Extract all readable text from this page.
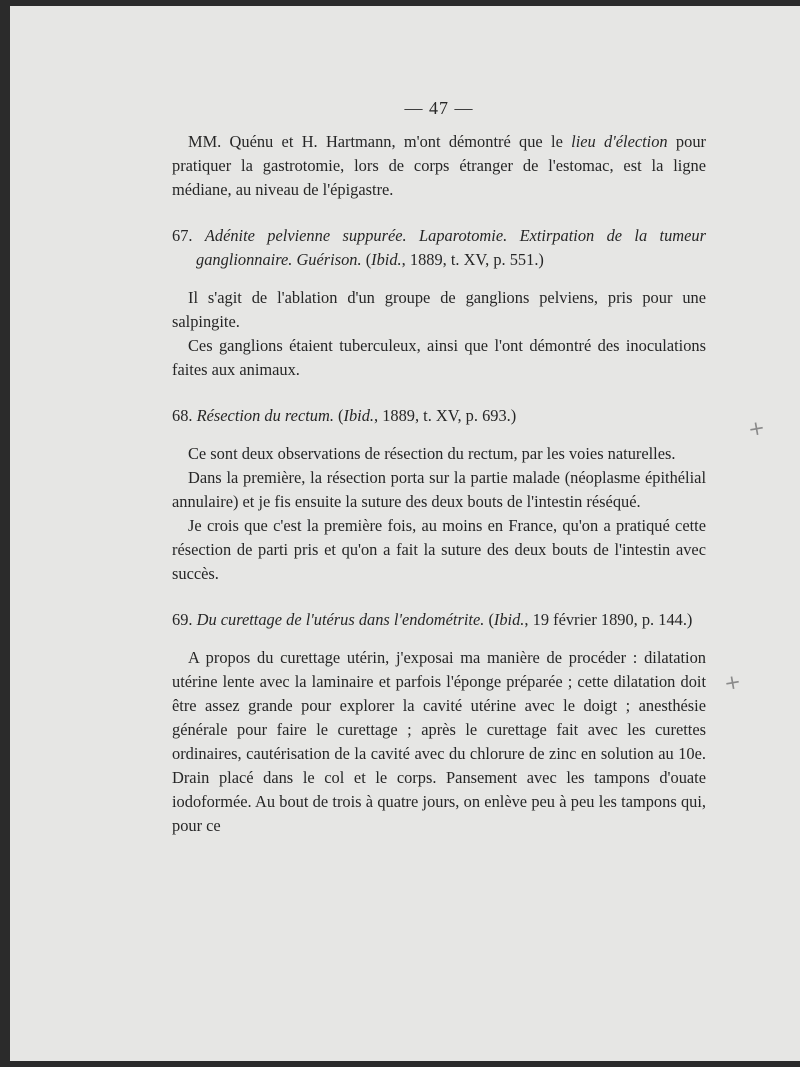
+
+
— 47 —

MM. Quénu et H. Hartmann, m'ont démontré que le lieu d'élection pour pratiquer la gastrotomie, lors de corps étranger de l'estomac, est la ligne médiane, au niveau de l'épigastre.

67. Adénite pelvienne suppurée. Laparotomie. Extirpation de la tumeur ganglionnaire. Guérison. (Ibid., 1889, t. XV, p. 551.)

Il s'agit de l'ablation d'un groupe de ganglions pelviens, pris pour une salpingite.

Ces ganglions étaient tuberculeux, ainsi que l'ont démontré des inoculations faites aux animaux.

68. Résection du rectum. (Ibid., 1889, t. XV, p. 693.)

Ce sont deux observations de résection du rectum, par les voies naturelles.

Dans la première, la résection porta sur la partie malade (néoplasme épithélial annulaire) et je fis ensuite la suture des deux bouts de l'intestin réséqué.

Je crois que c'est la première fois, au moins en France, qu'on a pratiqué cette résection de parti pris et qu'on a fait la suture des deux bouts de l'intestin avec succès.

69. Du curettage de l'utérus dans l'endométrite. (Ibid., 19 février 1890, p. 144.)

A propos du curettage utérin, j'exposai ma manière de procéder : dilatation utérine lente avec la laminaire et parfois l'éponge préparée ; cette dilatation doit être assez grande pour explorer la cavité utérine avec le doigt ; anesthésie générale pour faire le curettage ; après le curettage fait avec les curettes ordinaires, cautérisation de la cavité avec du chlorure de zinc en solution au 10e. Drain placé dans le col et le corps. Pansement avec les tampons d'ouate iodoformée. Au bout de trois à quatre jours, on enlève peu à peu les tampons qui, pour ce
